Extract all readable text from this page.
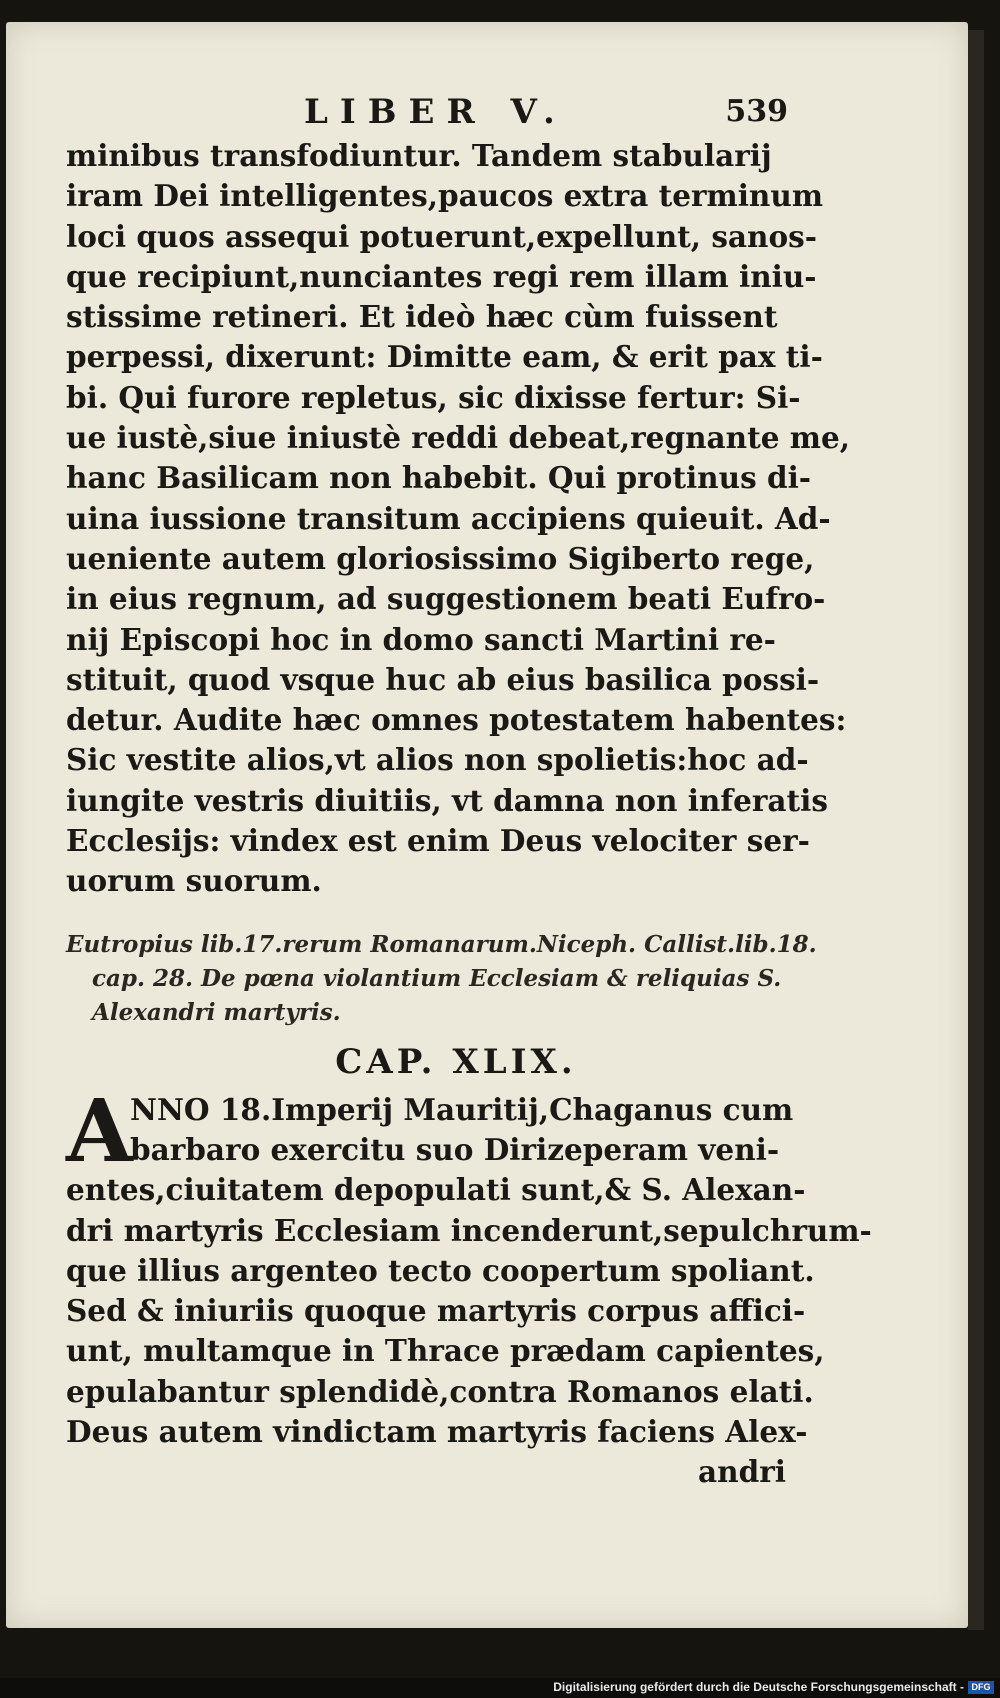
LIBER V.	539
minibus transfodiuntur. Tandem stabularij
iram Dei intelligentes,paucos extra terminum
loci quos assequi potuerunt,expellunt, sanos-
que recipiunt,nunciantes regi rem illam iniu-
stissime retineri. Et ideò hæc cùm fuissent
perpessi, dixerunt: Dimitte eam, & erit pax ti-
bi. Qui furore repletus, sic dixisse fertur: Si-
ue iustè,siue iniustè reddi debeat,regnante me,
hanc Basilicam non habebit. Qui protinus di-
uina iussione transitum accipiens quieuit. Ad-
ueniente autem gloriosissimo Sigiberto rege,
in eius regnum, ad suggestionem beati Eufro-
nij Episcopi hoc in domo sancti Martini re-
stituit, quod vsque huc ab eius basilica possi-
detur. Audite hæc omnes potestatem habentes:
Sic vestite alios,vt alios non spolietis:hoc ad-
iungite vestris diuitiis, vt damna non inferatis
Ecclesijs: vindex est enim Deus velociter ser-
uorum suorum.
Eutropius lib.17.rerum Romanarum.Niceph. Callist.lib.18.
cap. 28. De pœna violantium Ecclesiam & reliquias S.
Alexandri martyris.
CAP. XLIX.
A
NNO 18.Imperij Mauritij,Chaganus cum
barbaro exercitu suo Dirizeperam veni-
entes,ciuitatem depopulati sunt,& S. Alexan-
dri martyris Ecclesiam incenderunt,sepulchrum-
que illius argenteo tecto coopertum spoliant.
Sed & iniuriis quoque martyris corpus affici-
unt, multamque in Thrace prædam capientes,
epulabantur splendidè,contra Romanos elati.
Deus autem vindictam martyris faciens Alex-
andri
Digitalisierung gefördert durch die Deutsche Forschungsgemeinschaft - DFG
